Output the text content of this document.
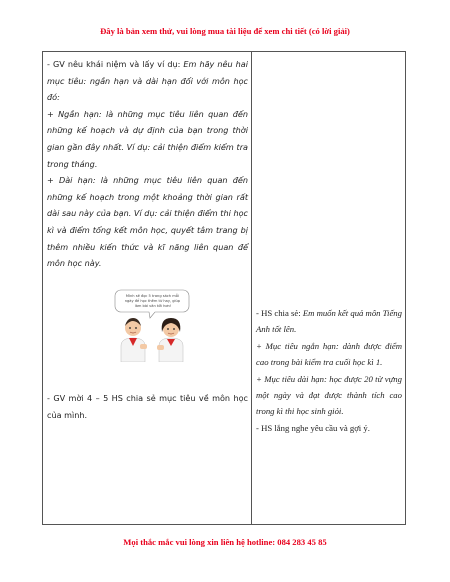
Đây là bản xem thử, vui lòng mua tài liệu để xem chi tiết (có lời giải)

- GV nêu khái niệm và lấy ví dụ: Em hãy nêu hai mục tiêu: ngắn hạn và dài hạn đối với môn học đó:

+ Ngắn hạn: là những mục tiêu liên quan đến những kế hoạch và dự định của bạn trong thời gian gần đây nhất. Ví dụ: cải thiện điểm kiểm tra trong tháng.

+ Dài hạn: là những mục tiêu liên quan đến những kế hoạch trong một khoảng thời gian rất dài sau này của bạn. Ví dụ: cải thiện điểm thi học kì và điểm tổng kết môn học, quyết tâm trang bị thêm nhiều kiến thức và kĩ năng liên quan để môn học này.

Mình sẽ đọc 5 trang sách mỗi ngày để học thêm từ hay, giúp làm bài văn tốt hơn!

- GV mời 4 – 5 HS chia sẻ mục tiêu về môn học của mình.

- HS chia sẻ: Em muốn kết quả môn Tiếng Anh tốt lên.

+ Mục tiêu ngắn hạn: dành được điểm cao trong bài kiểm tra cuối học kì 1.

+ Mục tiêu dài hạn: học được 20 từ vựng một ngày và đạt được thành tích cao trong kì thi học sinh giỏi.

- HS lắng nghe yêu cầu và gợi ý.

Mọi thắc mắc vui lòng xin liên hệ hotline: 084 283 45 85
